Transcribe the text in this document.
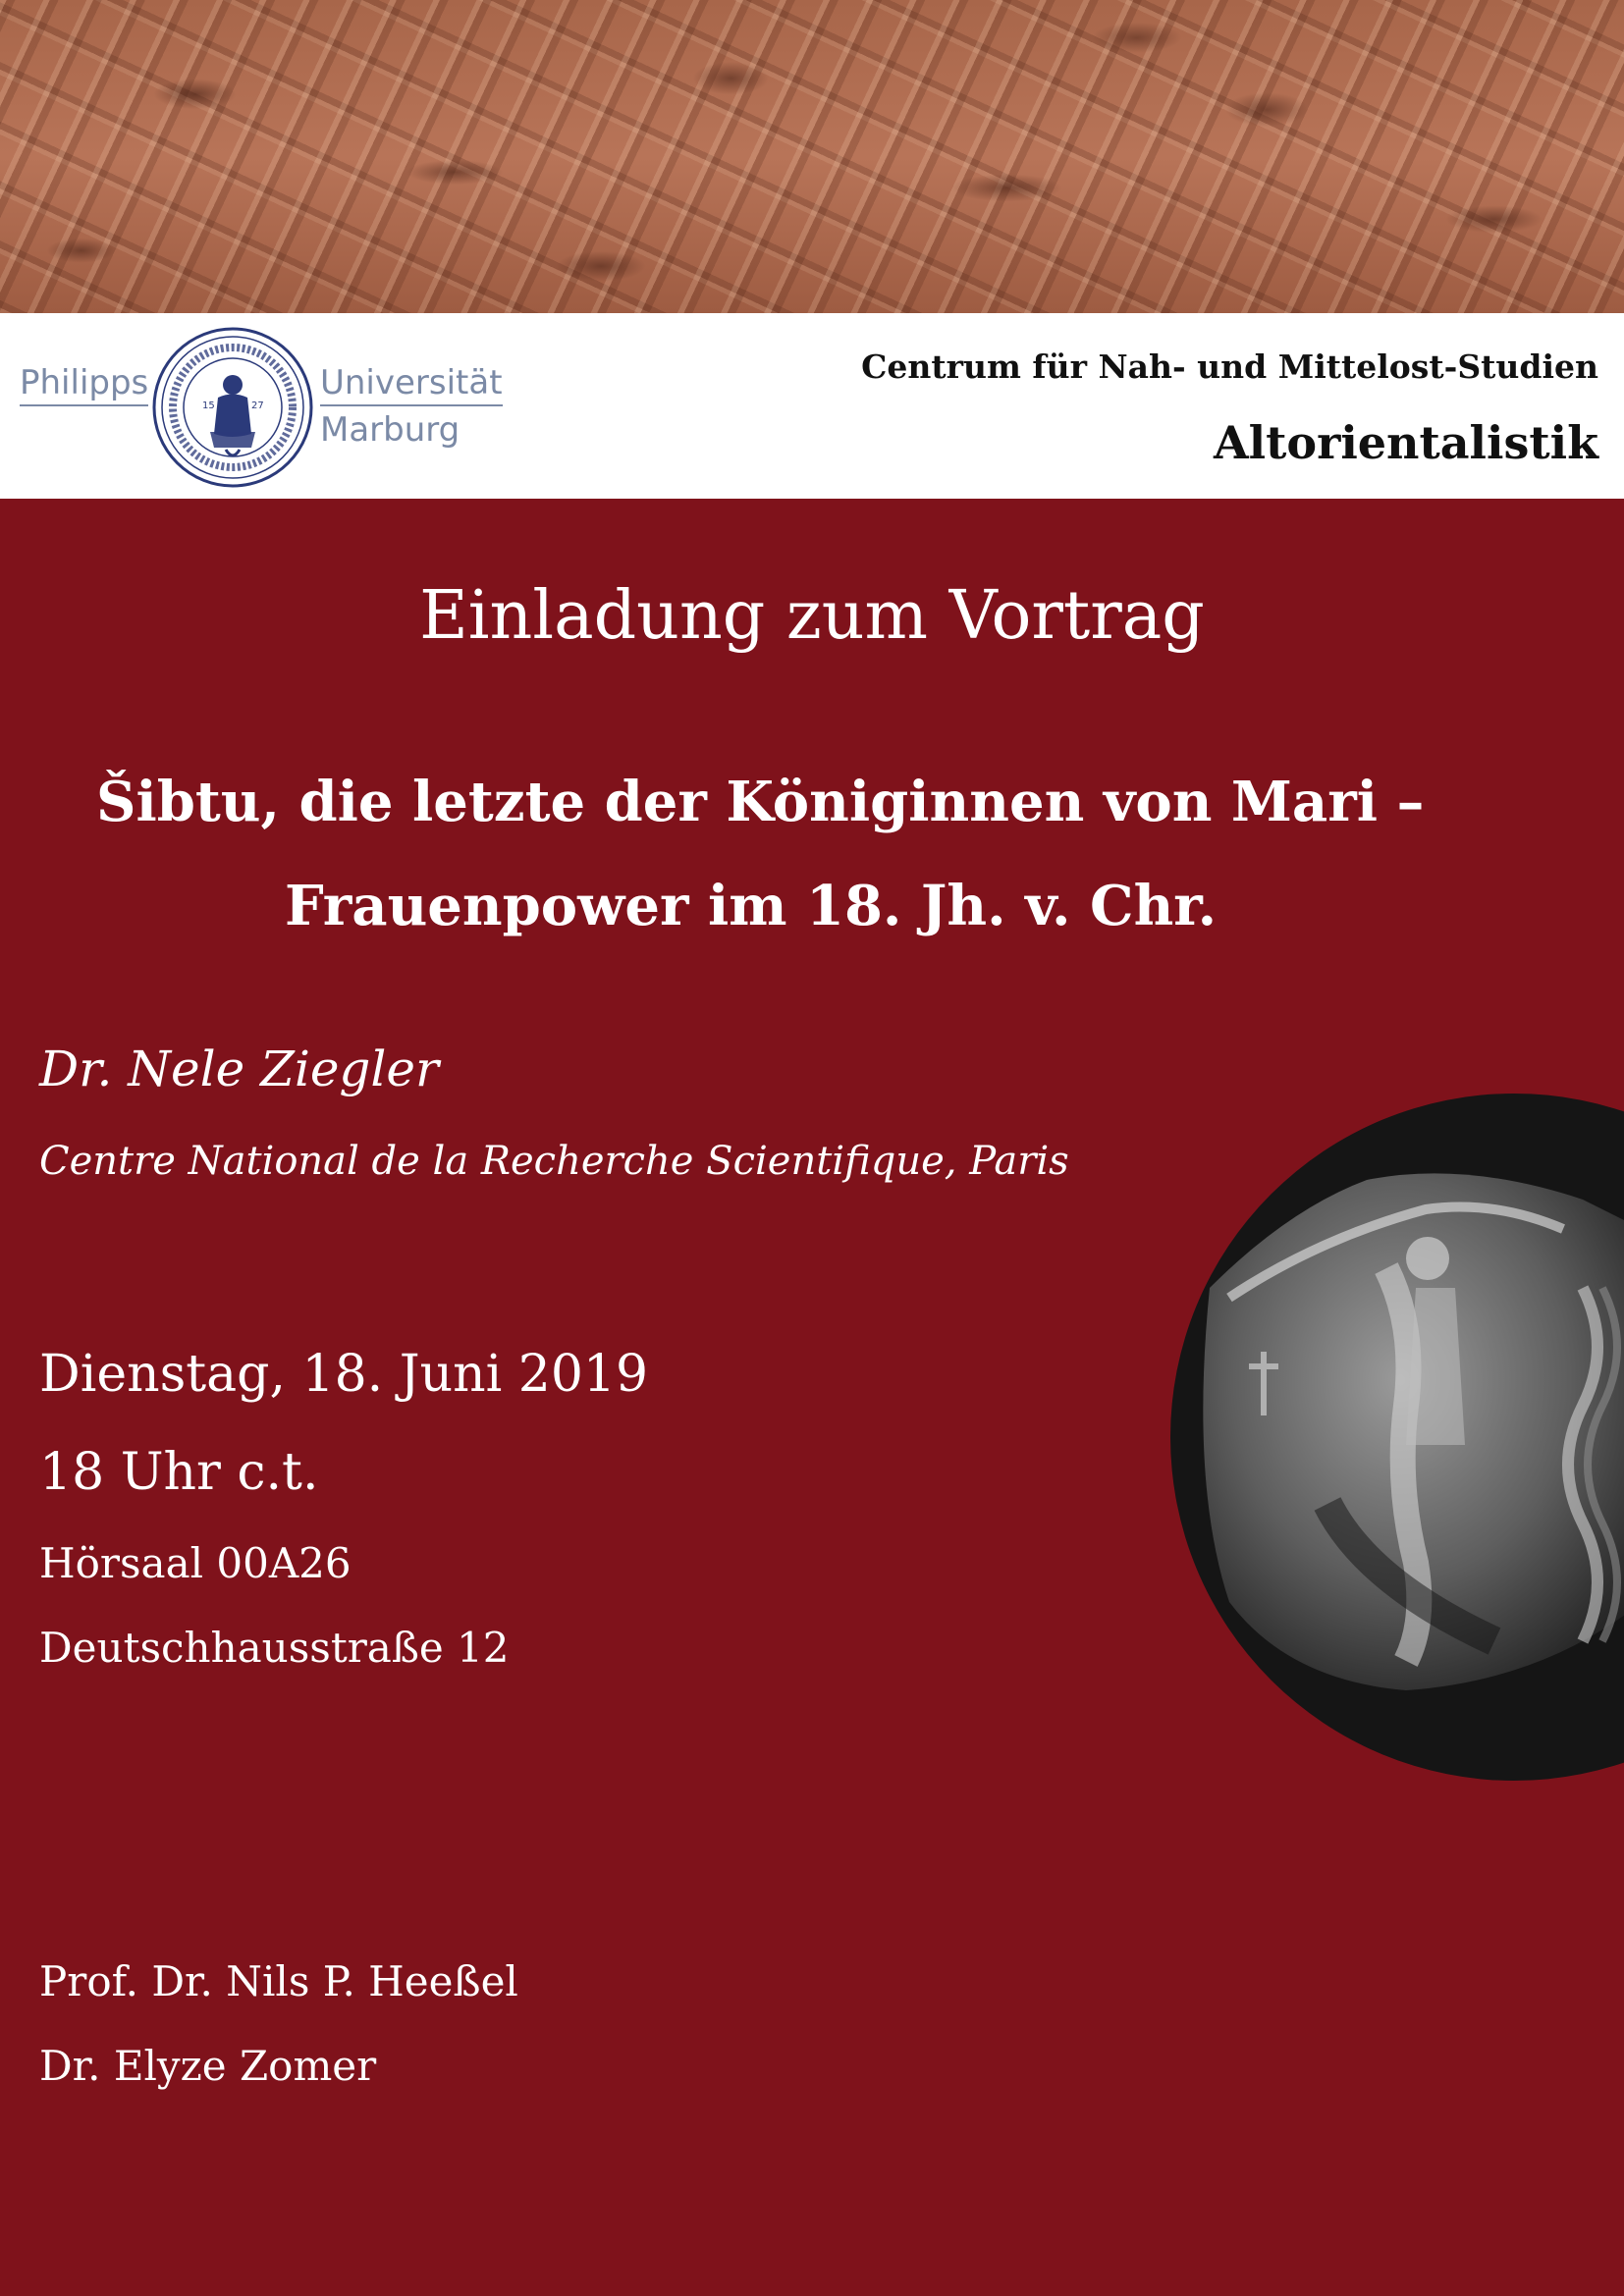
Philipps
15	27
Universität
Marburg
Centrum für Nah- und Mittelost-Studien
Altorientalistik
Einladung zum Vortrag
Šibtu, die letzte der Königinnen von Mari –
Frauenpower im 18. Jh. v. Chr.
Dr. Nele Ziegler
Centre National de la Recherche Scientifique, Paris
Dienstag, 18. Juni 2019
18 Uhr c.t.
Hörsaal 00A26
Deutschhausstraße 12
Prof. Dr. Nils P. Heeßel
Dr. Elyze Zomer
